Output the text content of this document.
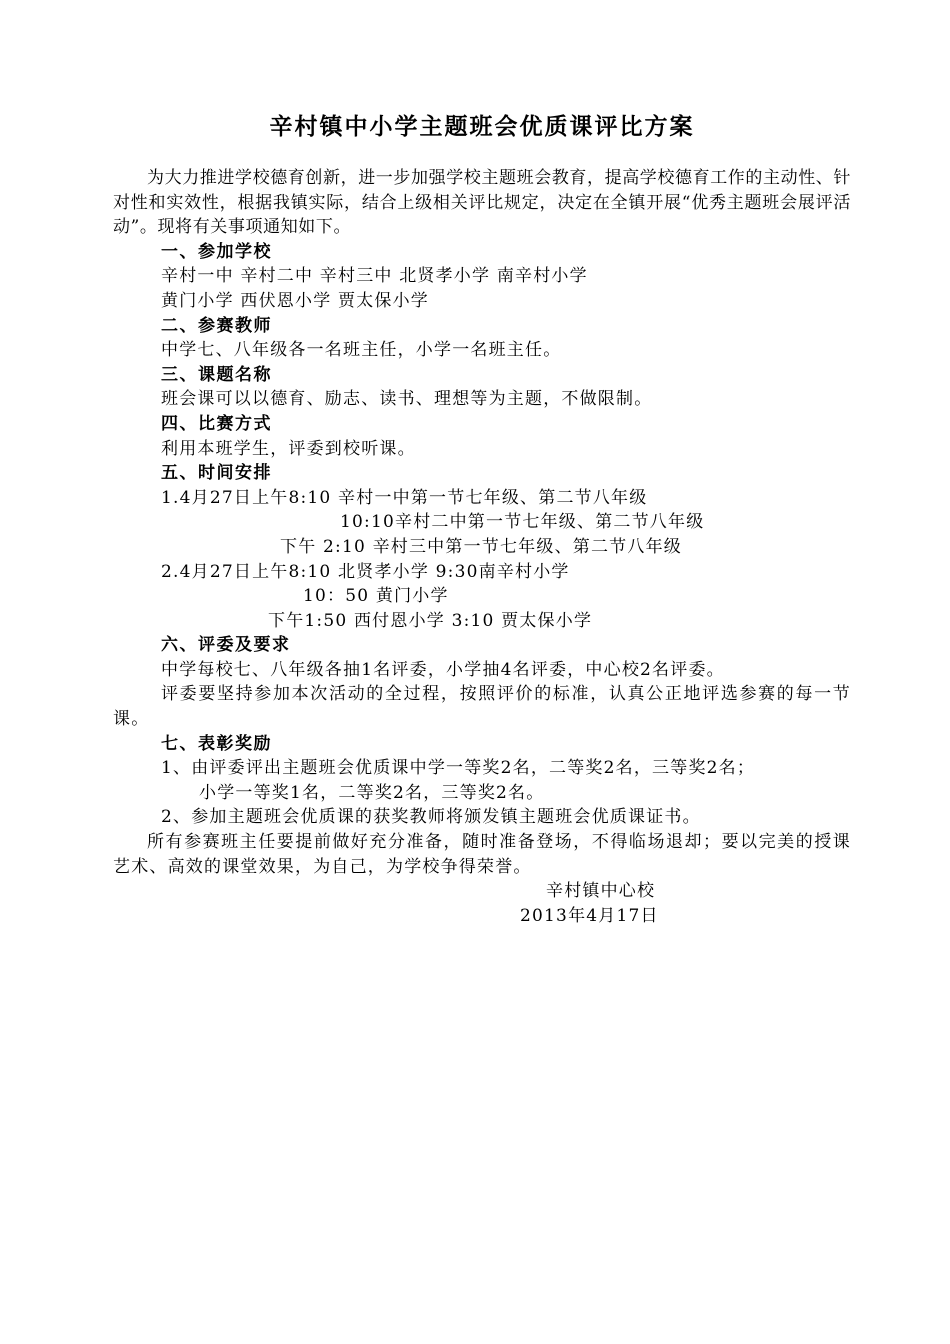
辛村镇中小学主题班会优质课评比方案
为大力推进学校德育创新，进一步加强学校主题班会教育，提高学校德育工作的主动性、针对性和实效性，根据我镇实际，结合上级相关评比规定，决定在全镇开展“优秀主题班会展评活动”。现将有关事项通知如下。
一、参加学校
辛村一中 辛村二中 辛村三中 北贤孝小学 南辛村小学
黄门小学 西伏恩小学 贾太保小学
二、参赛教师
中学七、八年级各一名班主任，小学一名班主任。
三、课题名称
班会课可以以德育、励志、读书、理想等为主题，不做限制。
四、比赛方式
利用本班学生，评委到校听课。
五、时间安排
1.4月27日上午8:10 辛村一中第一节七年级、第二节八年级
10:10辛村二中第一节七年级、第二节八年级
下午 2:10 辛村三中第一节七年级、第二节八年级
2.4月27日上午8:10 北贤孝小学 9:30南辛村小学
10：50 黄门小学
下午1:50 西付恩小学 3:10 贾太保小学
六、评委及要求
中学每校七、八年级各抽1名评委，小学抽4名评委，中心校2名评委。
评委要坚持参加本次活动的全过程，按照评价的标准，认真公正地评选参赛的每一节课。
七、表彰奖励
1、由评委评出主题班会优质课中学一等奖2名，二等奖2名，三等奖2名；
小学一等奖1名，二等奖2名，三等奖2名。
2、参加主题班会优质课的获奖教师将颁发镇主题班会优质课证书。
所有参赛班主任要提前做好充分准备，随时准备登场，不得临场退却；要以完美的授课艺术、高效的课堂效果，为自己，为学校争得荣誉。
辛村镇中心校
2013年4月17日
